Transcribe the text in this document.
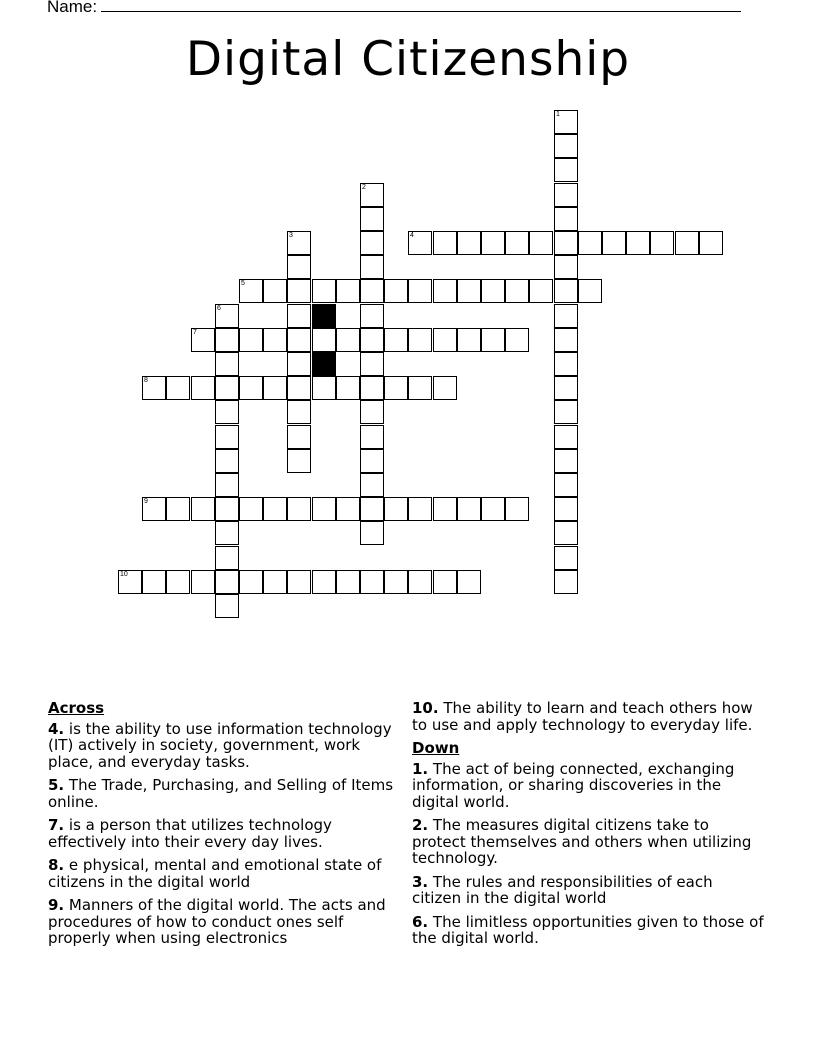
Name:
Digital Citizenship
1
2
3	4
5
6
7
8
9
10
Across
4. is the ability to use information technology (IT) actively in society, government, work place, and everyday tasks.
5. The Trade, Purchasing, and Selling of Items online.
7. is a person that utilizes technology effectively into their every day lives.
8. e physical, mental and emotional state of citizens in the digital world
9. Manners of the digital world. The acts and procedures of how to conduct ones self properly when using electronics
10. The ability to learn and teach others how to use and apply technology to everyday life.
Down
1. The act of being connected, exchanging information, or sharing discoveries in the digital world.
2. The measures digital citizens take to protect themselves and others when utilizing technology.
3. The rules and responsibilities of each citizen in the digital world
6. The limitless opportunities given to those of the digital world.
